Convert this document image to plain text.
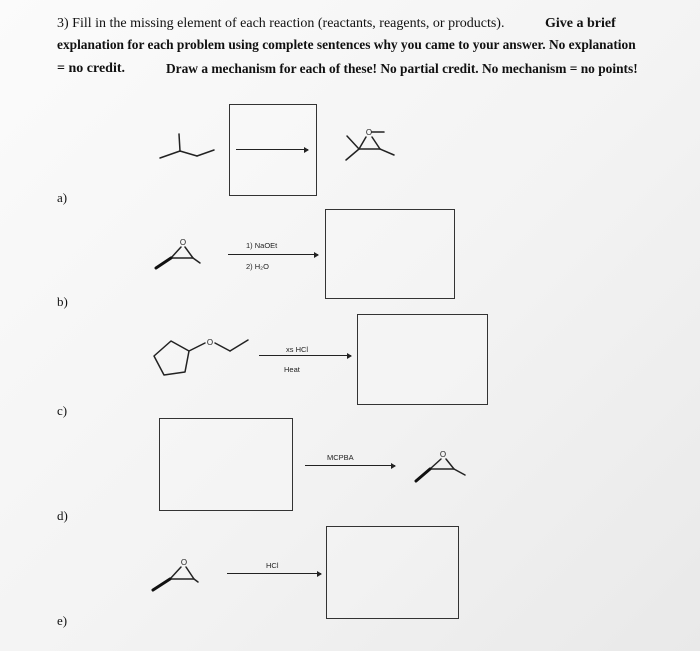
3) Fill in the missing element of each reaction (reactants, reagents, or products).	Give a brief
explanation for each problem using complete sentences why you came to your answer. No explanation
= no credit.	Draw a mechanism for each of these! No partial credit. No mechanism = no points!
a)
b)
c)
d)
e)
1) NaOEt
2) H₂O
xs HCl
Heat
MCPBA
HCl
O
O
O
O
O
